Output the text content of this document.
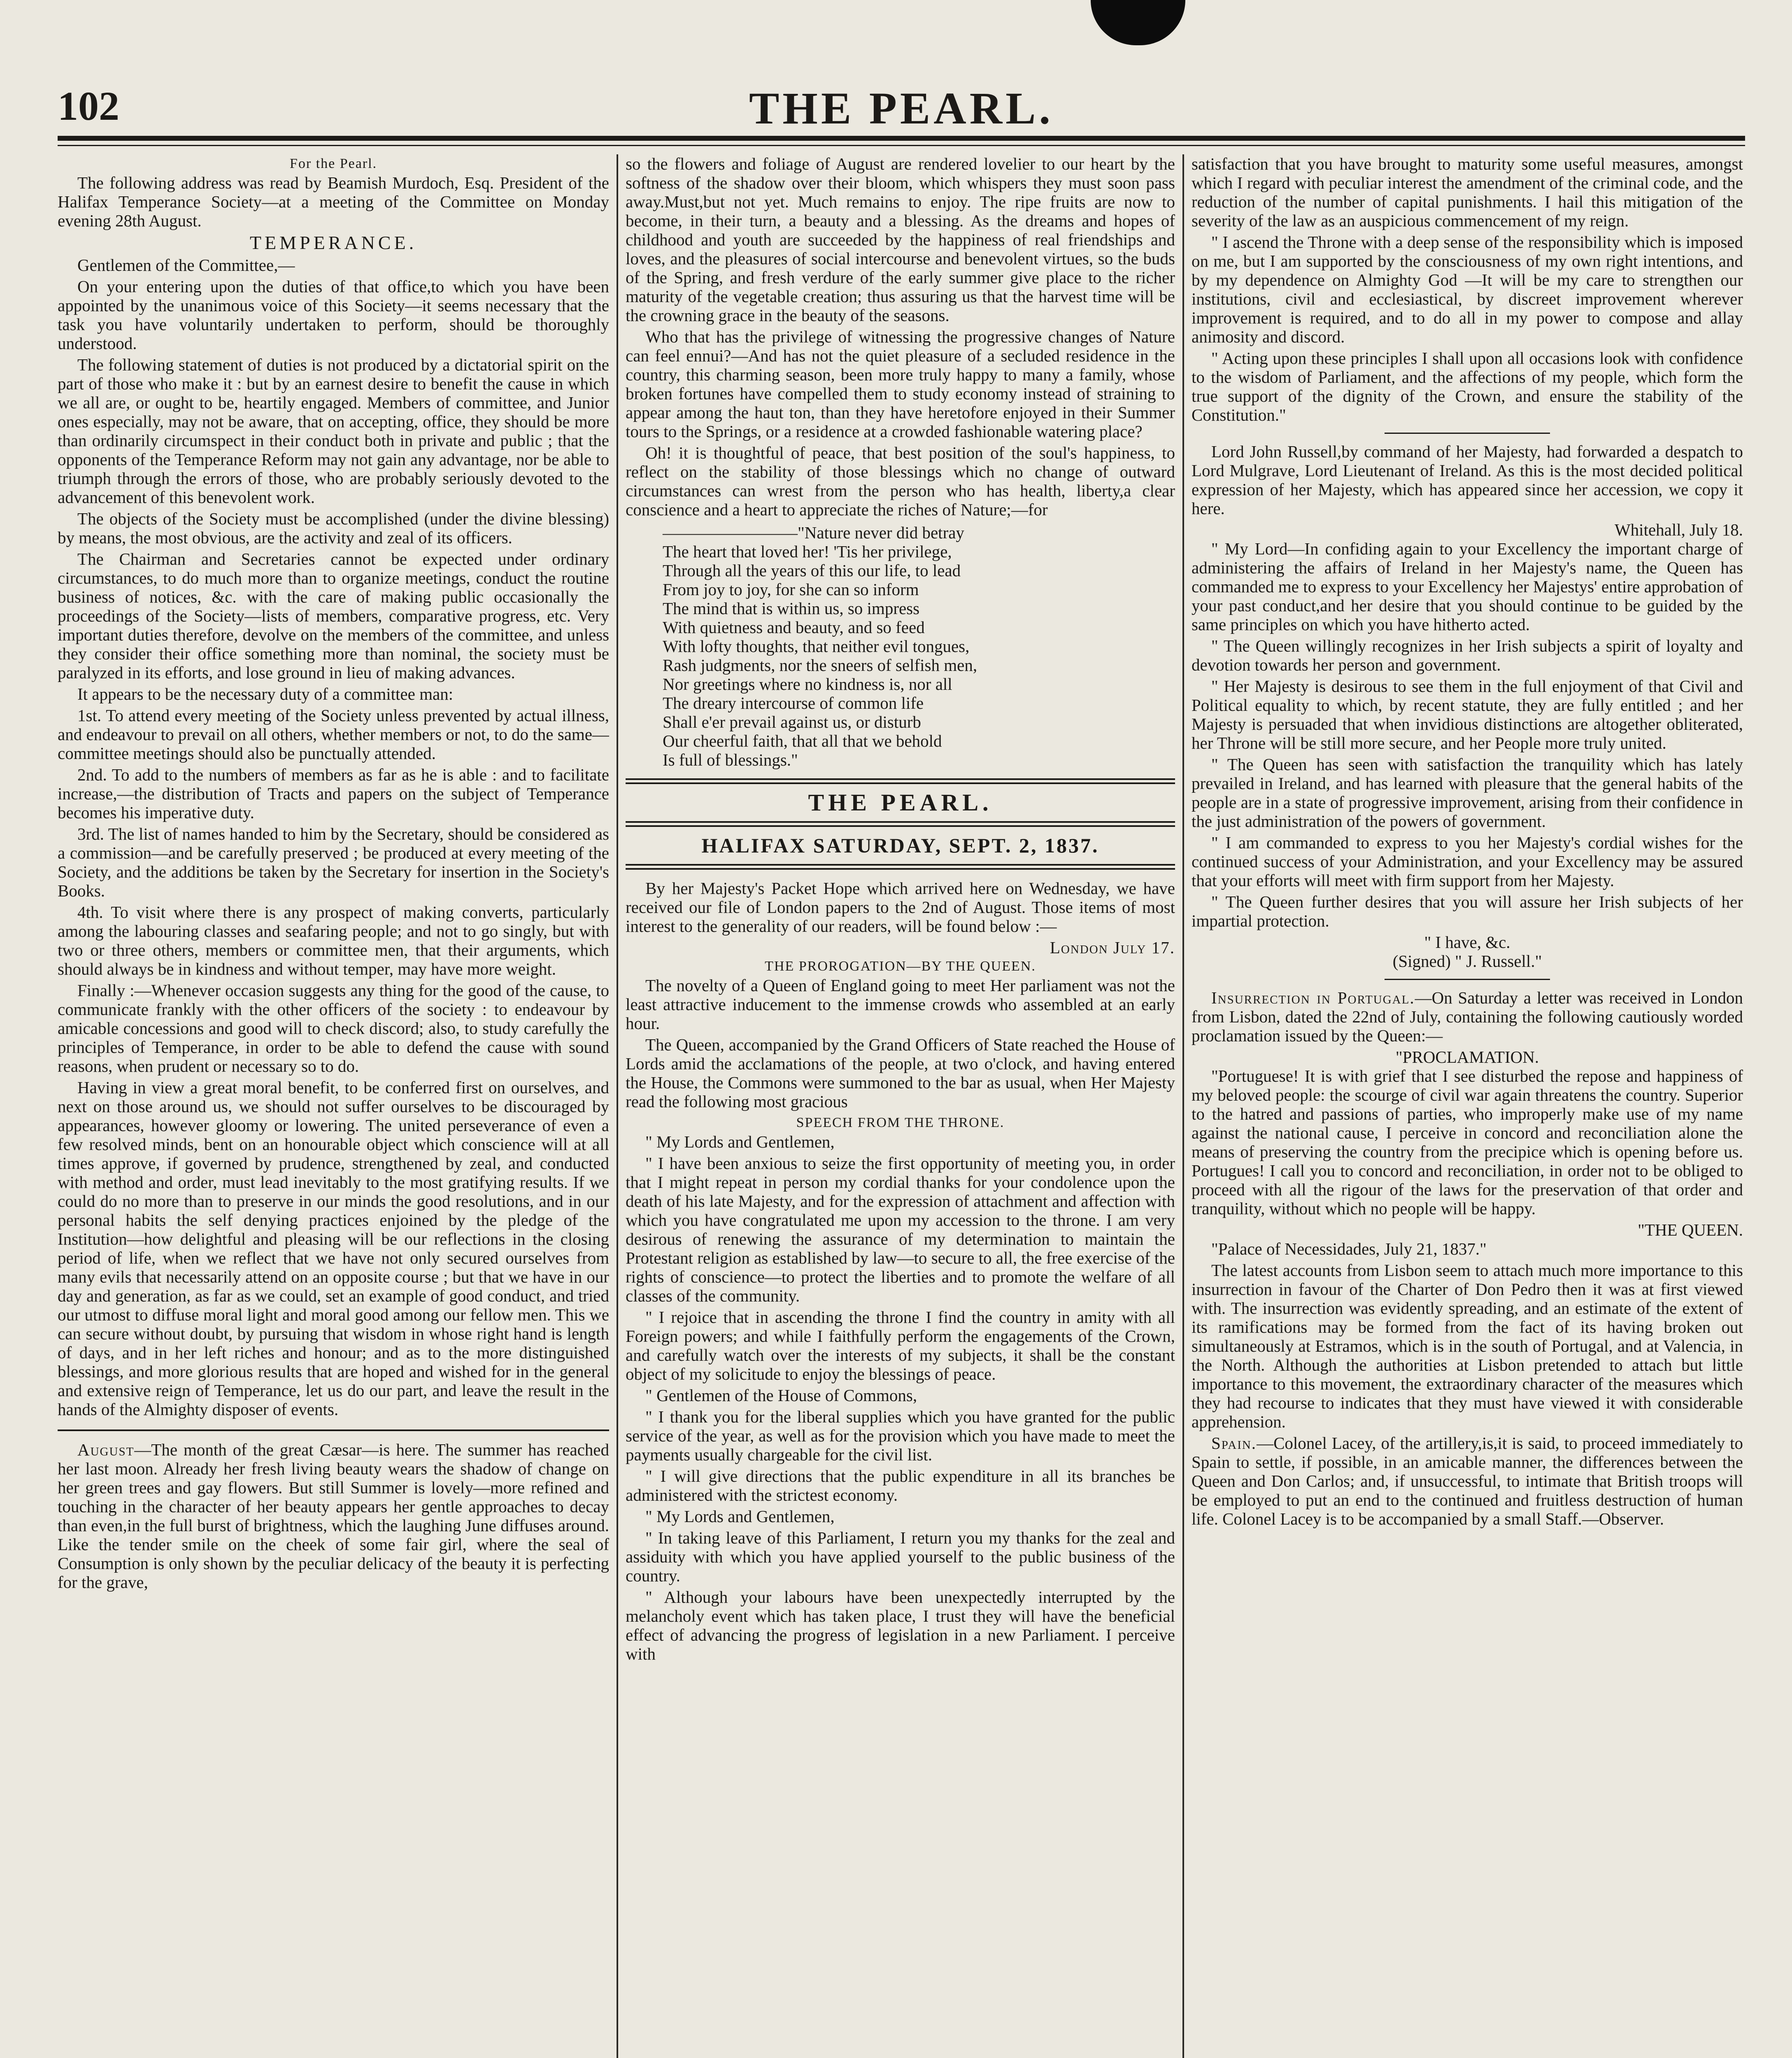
102	THE PEARL.
For the Pearl.

The following address was read by Beamish Murdoch, Esq. President of the Halifax Temperance Society—at a meeting of the Committee on Monday evening 28th August.

TEMPERANCE.

Gentlemen of the Committee,—

On your entering upon the duties of that office,to which you have been appointed by the unanimous voice of this Society—it seems necessary that the task you have voluntarily undertaken to perform, should be thoroughly understood.

The following statement of duties is not produced by a dictatorial spirit on the part of those who make it : but by an earnest desire to benefit the cause in which we all are, or ought to be, heartily engaged. Members of committee, and Junior ones especially, may not be aware, that on accepting, office, they should be more than ordinarily circumspect in their conduct both in private and public ; that the opponents of the Temperance Reform may not gain any advantage, nor be able to triumph through the errors of those, who are probably seriously devoted to the advancement of this benevolent work.

The objects of the Society must be accomplished (under the divine blessing) by means, the most obvious, are the activity and zeal of its officers.

The Chairman and Secretaries cannot be expected under ordinary circumstances, to do much more than to organize meetings, conduct the routine business of notices, &c. with the care of making public occasionally the proceedings of the Society—lists of members, comparative progress, etc. Very important duties therefore, devolve on the members of the committee, and unless they consider their office something more than nominal, the society must be paralyzed in its efforts, and lose ground in lieu of making advances.

It appears to be the necessary duty of a committee man:

1st. To attend every meeting of the Society unless prevented by actual illness, and endeavour to prevail on all others, whether members or not, to do the same—committee meetings should also be punctually attended.

2nd. To add to the numbers of members as far as he is able : and to facilitate increase,—the distribution of Tracts and papers on the subject of Temperance becomes his imperative duty.

3rd. The list of names handed to him by the Secretary, should be considered as a commission—and be carefully preserved ; be produced at every meeting of the Society, and the additions be taken by the Secretary for insertion in the Society's Books.

4th. To visit where there is any prospect of making converts, particularly among the labouring classes and seafaring people; and not to go singly, but with two or three others, members or committee men, that their arguments, which should always be in kindness and without temper, may have more weight.

Finally :—Whenever occasion suggests any thing for the good of the cause, to communicate frankly with the other officers of the society : to endeavour by amicable concessions and good will to check discord; also, to study carefully the principles of Temperance, in order to be able to defend the cause with sound reasons, when prudent or necessary so to do.

Having in view a great moral benefit, to be conferred first on ourselves, and next on those around us, we should not suffer ourselves to be discouraged by appearances, however gloomy or lowering. The united perseverance of even a few resolved minds, bent on an honourable object which conscience will at all times approve, if governed by prudence, strengthened by zeal, and conducted with method and order, must lead inevitably to the most gratifying results. If we could do no more than to preserve in our minds the good resolutions, and in our personal habits the self denying practices enjoined by the pledge of the Institution—how delightful and pleasing will be our reflections in the closing period of life, when we reflect that we have not only secured ourselves from many evils that necessarily attend on an opposite course ; but that we have in our day and generation, as far as we could, set an example of good conduct, and tried our utmost to diffuse moral light and moral good among our fellow men. This we can secure without doubt, by pursuing that wisdom in whose right hand is length of days, and in her left riches and honour; and as to the more distinguished blessings, and more glorious results that are hoped and wished for in the general and extensive reign of Temperance, let us do our part, and leave the result in the hands of the Almighty disposer of events.

August—The month of the great Cæsar—is here. The summer has reached her last moon. Already her fresh living beauty wears the shadow of change on her green trees and gay flowers. But still Summer is lovely—more refined and touching in the character of her beauty appears her gentle approaches to decay than even,in the full burst of brightness, which the laughing June diffuses around. Like the tender smile on the cheek of some fair girl, where the seal of Consumption is only shown by the peculiar delicacy of the beauty it is perfecting for the grave,

so the flowers and foliage of August are rendered lovelier to our heart by the softness of the shadow over their bloom, which whispers they must soon pass away.Must,but not yet. Much remains to enjoy. The ripe fruits are now to become, in their turn, a beauty and a blessing. As the dreams and hopes of childhood and youth are succeeded by the happiness of real friendships and loves, and the pleasures of social intercourse and benevolent virtues, so the buds of the Spring, and fresh verdure of the early summer give place to the richer maturity of the vegetable creation; thus assuring us that the harvest time will be the crowning grace in the beauty of the seasons.

Who that has the privilege of witnessing the progressive changes of Nature can feel ennui?—And has not the quiet pleasure of a secluded residence in the country, this charming season, been more truly happy to many a family, whose broken fortunes have compelled them to study economy instead of straining to appear among the haut ton, than they have heretofore enjoyed in their Summer tours to the Springs, or a residence at a crowded fashionable watering place?

Oh! it is thoughtful of peace, that best position of the soul's happiness, to reflect on the stability of those blessings which no change of outward circumstances can wrest from the person who has health, liberty,a clear conscience and a heart to appreciate the riches of Nature;—for

————————"Nature never did betray
The heart that loved her! 'Tis her privilege,
Through all the years of this our life, to lead
From joy to joy, for she can so inform
The mind that is within us, so impress
With quietness and beauty, and so feed
With lofty thoughts, that neither evil tongues,
Rash judgments, nor the sneers of selfish men,
Nor greetings where no kindness is, nor all
The dreary intercourse of common life
Shall e'er prevail against us, or disturb
Our cheerful faith, that all that we behold
Is full of blessings."
THE PEARL.
HALIFAX SATURDAY, SEPT. 2, 1837.

By her Majesty's Packet Hope which arrived here on Wednesday, we have received our file of London papers to the 2nd of August. Those items of most interest to the generality of our readers, will be found below :—

London July 17.
THE PROROGATION—BY THE QUEEN.

The novelty of a Queen of England going to meet Her parliament was not the least attractive inducement to the immense crowds who assembled at an early hour.

The Queen, accompanied by the Grand Officers of State reached the House of Lords amid the acclamations of the people, at two o'clock, and having entered the House, the Commons were summoned to the bar as usual, when Her Majesty read the following most gracious

SPEECH FROM THE THRONE.

" My Lords and Gentlemen,

" I have been anxious to seize the first opportunity of meeting you, in order that I might repeat in person my cordial thanks for your condolence upon the death of his late Majesty, and for the expression of attachment and affection with which you have congratulated me upon my accession to the throne. I am very desirous of renewing the assurance of my determination to maintain the Protestant religion as established by law—to secure to all, the free exercise of the rights of conscience—to protect the liberties and to promote the welfare of all classes of the community.

" I rejoice that in ascending the throne I find the country in amity with all Foreign powers; and while I faithfully perform the engagements of the Crown, and carefully watch over the interests of my subjects, it shall be the constant object of my solicitude to enjoy the blessings of peace.

" Gentlemen of the House of Commons,

" I thank you for the liberal supplies which you have granted for the public service of the year, as well as for the provision which you have made to meet the payments usually chargeable for the civil list.

" I will give directions that the public expenditure in all its branches be administered with the strictest economy.

" My Lords and Gentlemen,

" In taking leave of this Parliament, I return you my thanks for the zeal and assiduity with which you have applied yourself to the public business of the country.

" Although your labours have been unexpectedly interrupted by the melancholy event which has taken place, I trust they will have the beneficial effect of advancing the progress of legislation in a new Parliament. I perceive with

satisfaction that you have brought to maturity some useful measures, amongst which I regard with peculiar interest the amendment of the criminal code, and the reduction of the number of capital punishments. I hail this mitigation of the severity of the law as an auspicious commencement of my reign.

" I ascend the Throne with a deep sense of the responsibility which is imposed on me, but I am supported by the consciousness of my own right intentions, and by my dependence on Almighty God —It will be my care to strengthen our institutions, civil and ecclesiastical, by discreet improvement wherever improvement is required, and to do all in my power to compose and allay animosity and discord.

" Acting upon these principles I shall upon all occasions look with confidence to the wisdom of Parliament, and the affections of my people, which form the true support of the dignity of the Crown, and ensure the stability of the Constitution."

Lord John Russell,by command of her Majesty, had forwarded a despatch to Lord Mulgrave, Lord Lieutenant of Ireland. As this is the most decided political expression of her Majesty, which has appeared since her accession, we copy it here.

Whitehall, July 18.

" My Lord—In confiding again to your Excellency the important charge of administering the affairs of Ireland in her Majesty's name, the Queen has commanded me to express to your Excellency her Majestys' entire approbation of your past conduct,and her desire that you should continue to be guided by the same principles on which you have hitherto acted.

" The Queen willingly recognizes in her Irish subjects a spirit of loyalty and devotion towards her person and government.

" Her Majesty is desirous to see them in the full enjoyment of that Civil and Political equality to which, by recent statute, they are fully entitled ; and her Majesty is persuaded that when invidious distinctions are altogether obliterated, her Throne will be still more secure, and her People more truly united.

" The Queen has seen with satisfaction the tranquility which has lately prevailed in Ireland, and has learned with pleasure that the general habits of the people are in a state of progressive improvement, arising from their confidence in the just administration of the powers of government.

" I am commanded to express to you her Majesty's cordial wishes for the continued success of your Administration, and your Excellency may be assured that your efforts will meet with firm support from her Majesty.

" The Queen further desires that you will assure her Irish subjects of her impartial protection.

" I have, &c.
(Signed) " J. Russell."

Insurrection in Portugal.—On Saturday a letter was received in London from Lisbon, dated the 22nd of July, containing the following cautiously worded proclamation issued by the Queen:—

"PROCLAMATION.

"Portuguese! It is with grief that I see disturbed the repose and happiness of my beloved people: the scourge of civil war again threatens the country. Superior to the hatred and passions of parties, who improperly make use of my name against the national cause, I perceive in concord and reconciliation alone the means of preserving the country from the precipice which is opening before us. Portugues! I call you to concord and reconciliation, in order not to be obliged to proceed with all the rigour of the laws for the preservation of that order and tranquility, without which no people will be happy.

"THE QUEEN.

"Palace of Necessidades, July 21, 1837."

The latest accounts from Lisbon seem to attach much more importance to this insurrection in favour of the Charter of Don Pedro then it was at first viewed with. The insurrection was evidently spreading, and an estimate of the extent of its ramifications may be formed from the fact of its having broken out simultaneously at Estramos, which is in the south of Portugal, and at Valencia, in the North. Although the authorities at Lisbon pretended to attach but little importance to this movement, the extraordinary character of the measures which they had recourse to indicates that they must have viewed it with considerable apprehension.

Spain.—Colonel Lacey, of the artillery,is,it is said, to proceed immediately to Spain to settle, if possible, in an amicable manner, the differences between the Queen and Don Carlos; and, if unsuccessful, to intimate that British troops will be employed to put an end to the continued and fruitless destruction of human life. Colonel Lacey is to be accompanied by a small Staff.—Observer.
